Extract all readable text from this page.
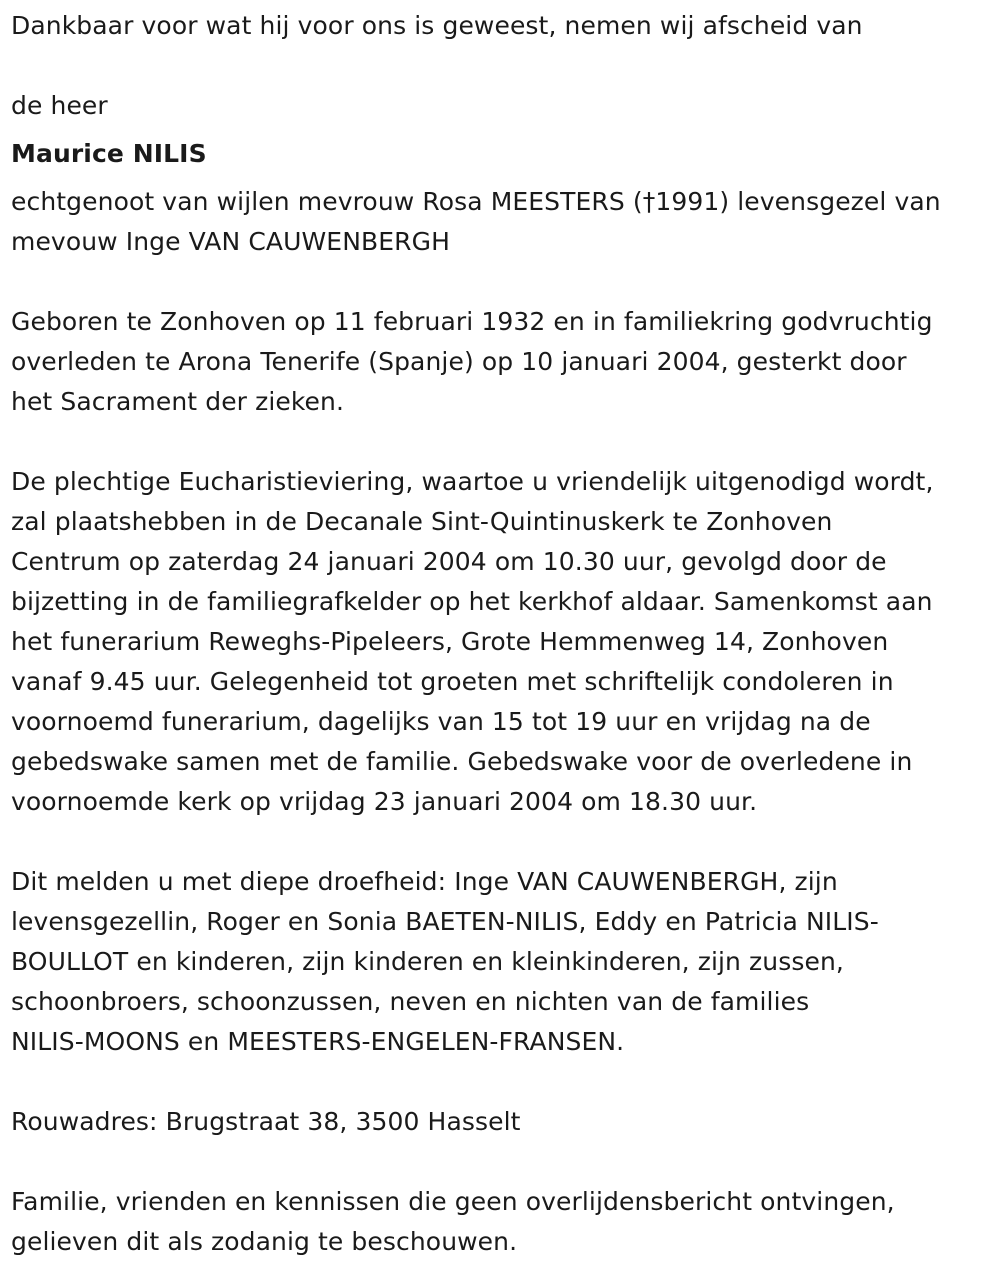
Dankbaar voor wat hij voor ons is geweest, nemen wij afscheid van

de heer

Maurice NILIS

echtgenoot van wijlen mevrouw Rosa MEESTERS (†1991) levensgezel van
mevouw Inge VAN CAUWENBERGH

Geboren te Zonhoven op 11 februari 1932 en in familiekring godvruchtig
overleden te Arona Tenerife (Spanje) op 10 januari 2004, gesterkt door
het Sacrament der zieken.

De plechtige Eucharistieviering, waartoe u vriendelijk uitgenodigd wordt,
zal plaatshebben in de Decanale Sint-Quintinuskerk te Zonhoven
Centrum op zaterdag 24 januari 2004 om 10.30 uur, gevolgd door de
bijzetting in de familiegrafkelder op het kerkhof aldaar. Samenkomst aan
het funerarium Reweghs-Pipeleers, Grote Hemmenweg 14, Zonhoven
vanaf 9.45 uur. Gelegenheid tot groeten met schriftelijk condoleren in
voornoemd funerarium, dagelijks van 15 tot 19 uur en vrijdag na de
gebedswake samen met de familie. Gebedswake voor de overledene in
voornoemde kerk op vrijdag 23 januari 2004 om 18.30 uur.

Dit melden u met diepe droefheid: Inge VAN CAUWENBERGH, zijn
levensgezellin, Roger en Sonia BAETEN-NILIS, Eddy en Patricia NILIS-
BOULLOT en kinderen, zijn kinderen en kleinkinderen, zijn zussen,
schoonbroers, schoonzussen, neven en nichten van de families
NILIS-MOONS en MEESTERS-ENGELEN-FRANSEN.

Rouwadres: Brugstraat 38, 3500 Hasselt

Familie, vrienden en kennissen die geen overlijdensbericht ontvingen,
gelieven dit als zodanig te beschouwen.
